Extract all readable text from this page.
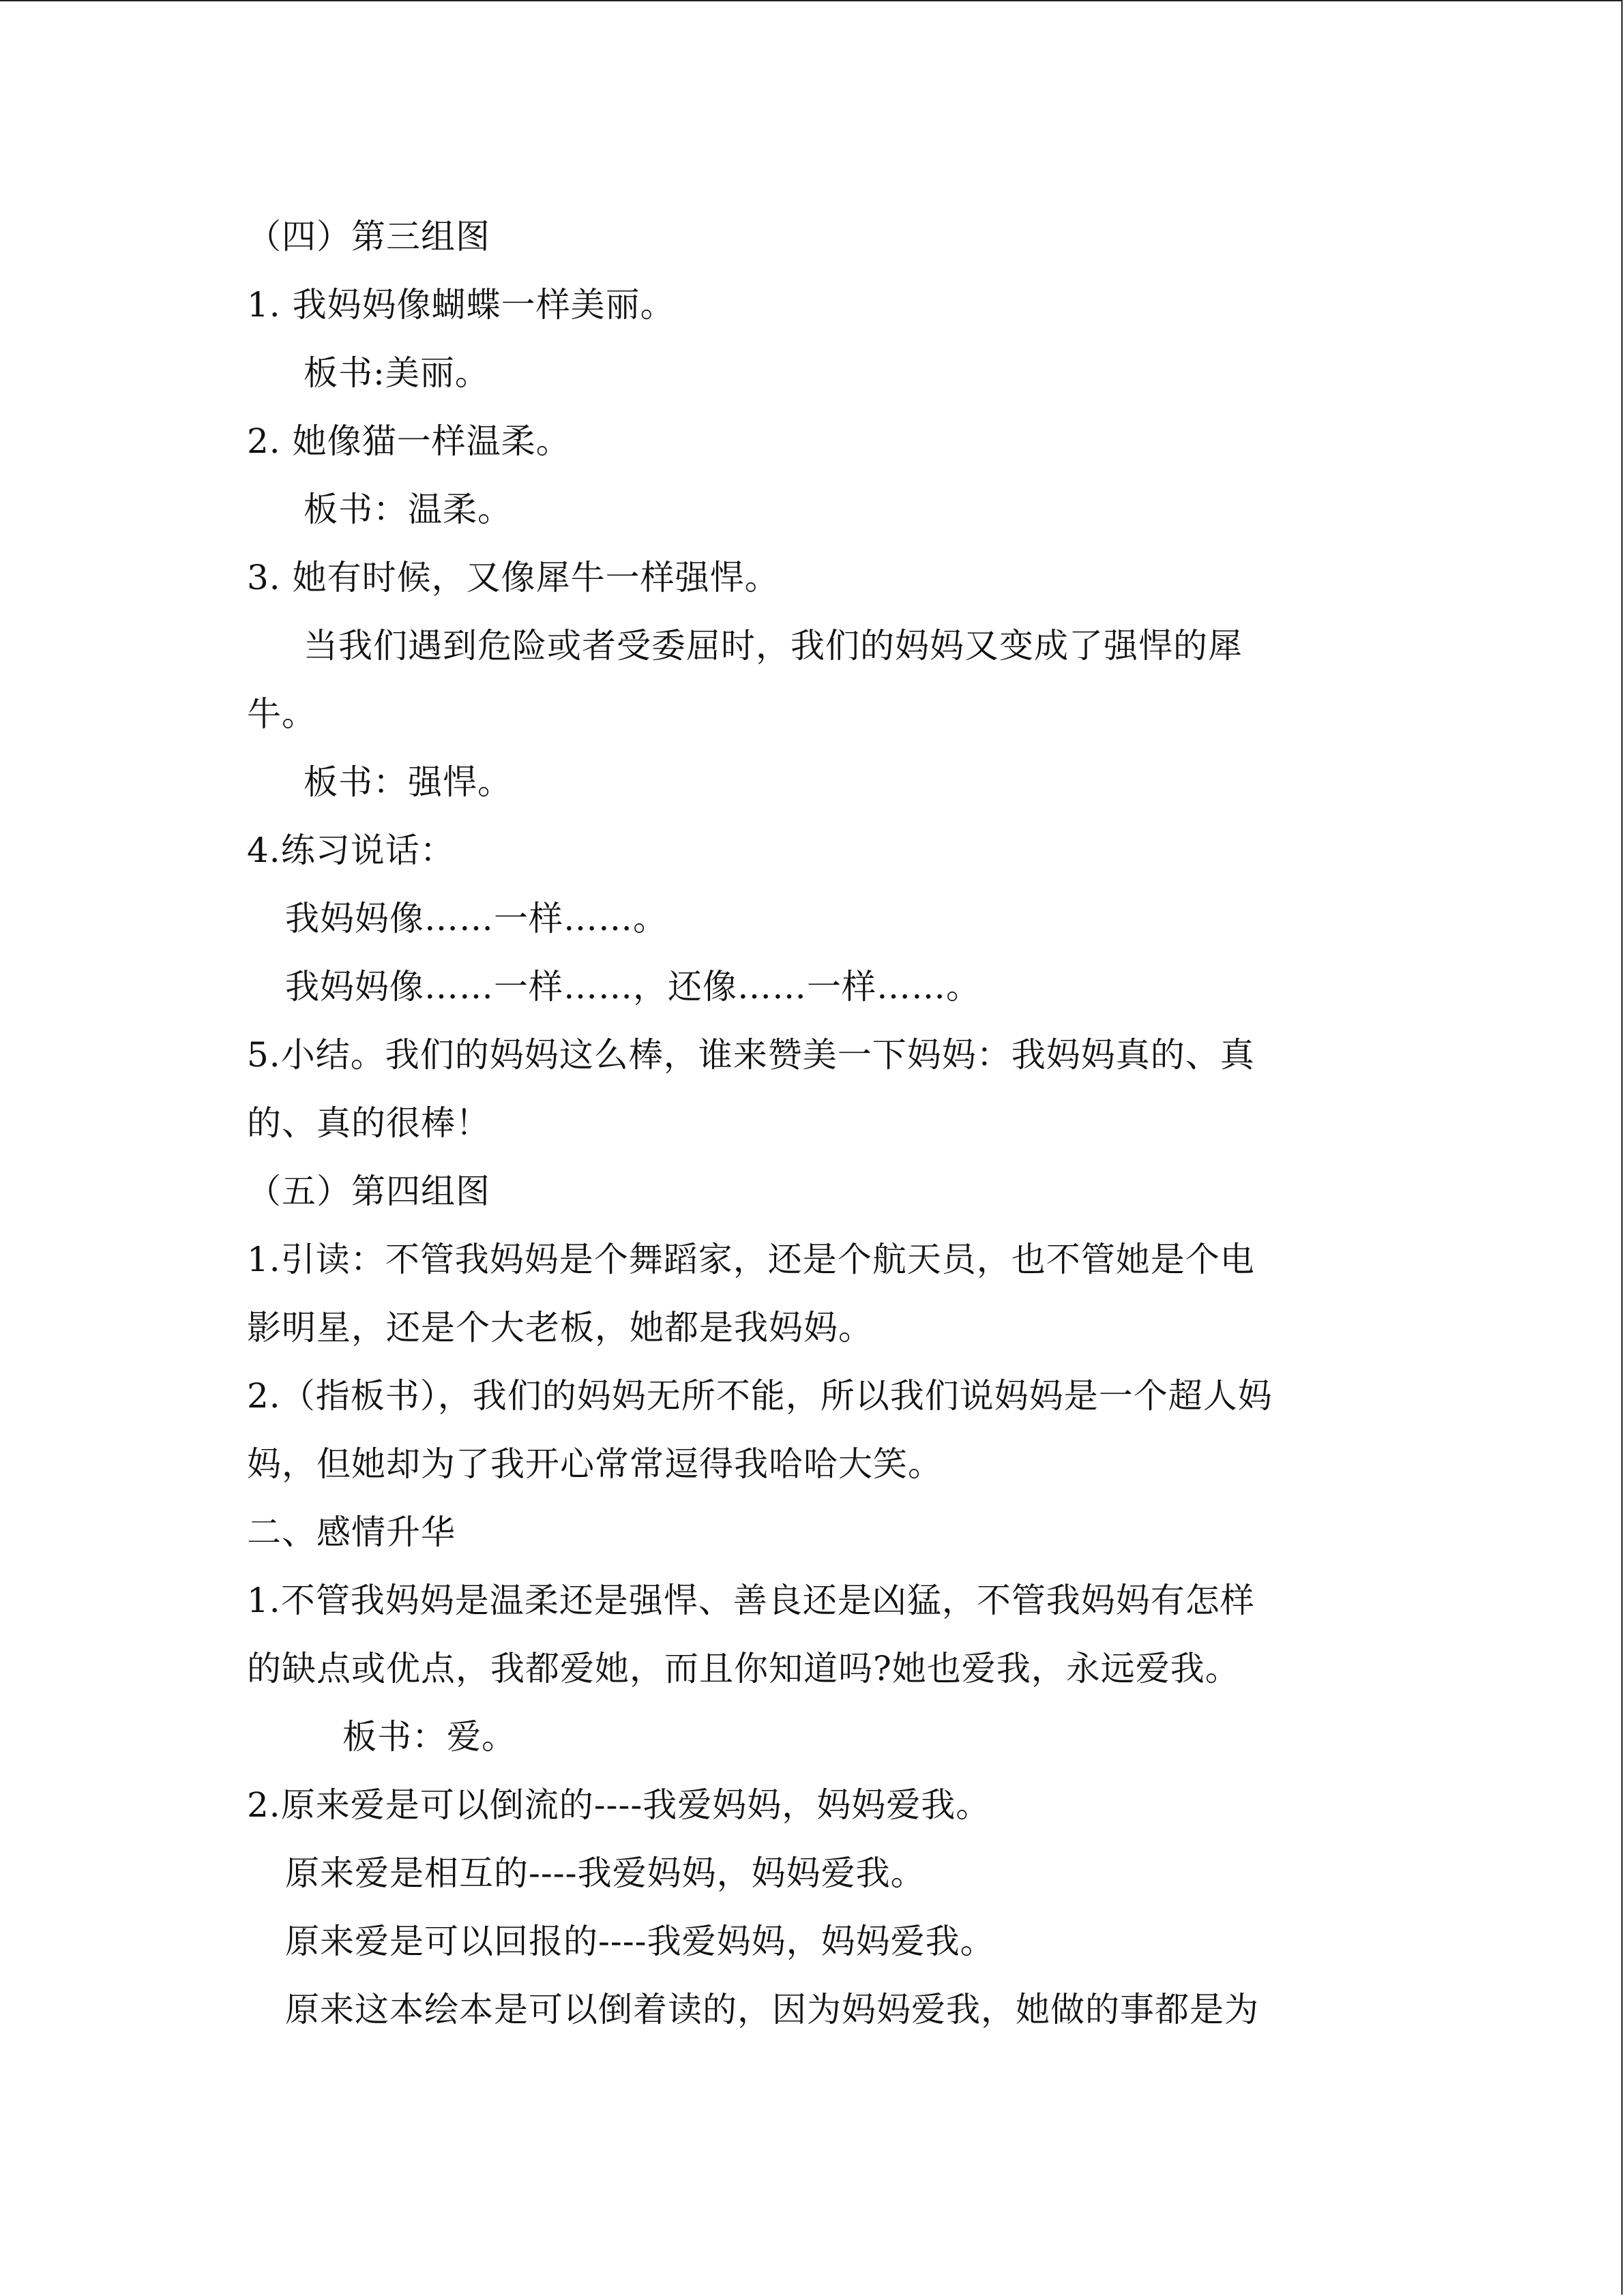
（四）第三组图
1. 我妈妈像蝴蝶一样美丽。
板书:美丽。
2. 她像猫一样温柔。
板书：温柔。
3. 她有时候，又像犀牛一样强悍。
当我们遇到危险或者受委屈时，我们的妈妈又变成了强悍的犀
牛。
板书：强悍。
4.练习说话：
我妈妈像……一样……。
我妈妈像……一样……，还像……一样……。
5.小结。我们的妈妈这么棒，谁来赞美一下妈妈：我妈妈真的、真
的、真的很棒！
（五）第四组图
1.引读：不管我妈妈是个舞蹈家，还是个航天员，也不管她是个电
影明星，还是个大老板，她都是我妈妈。
2.（指板书），我们的妈妈无所不能，所以我们说妈妈是一个超人妈
妈，但她却为了我开心常常逗得我哈哈大笑。
二、感情升华
1.不管我妈妈是温柔还是强悍、善良还是凶猛，不管我妈妈有怎样
的缺点或优点，我都爱她，而且你知道吗?她也爱我，永远爱我。
板书：爱。
2.原来爱是可以倒流的----我爱妈妈，妈妈爱我。
原来爱是相互的----我爱妈妈，妈妈爱我。
原来爱是可以回报的----我爱妈妈，妈妈爱我。
原来这本绘本是可以倒着读的，因为妈妈爱我，她做的事都是为
